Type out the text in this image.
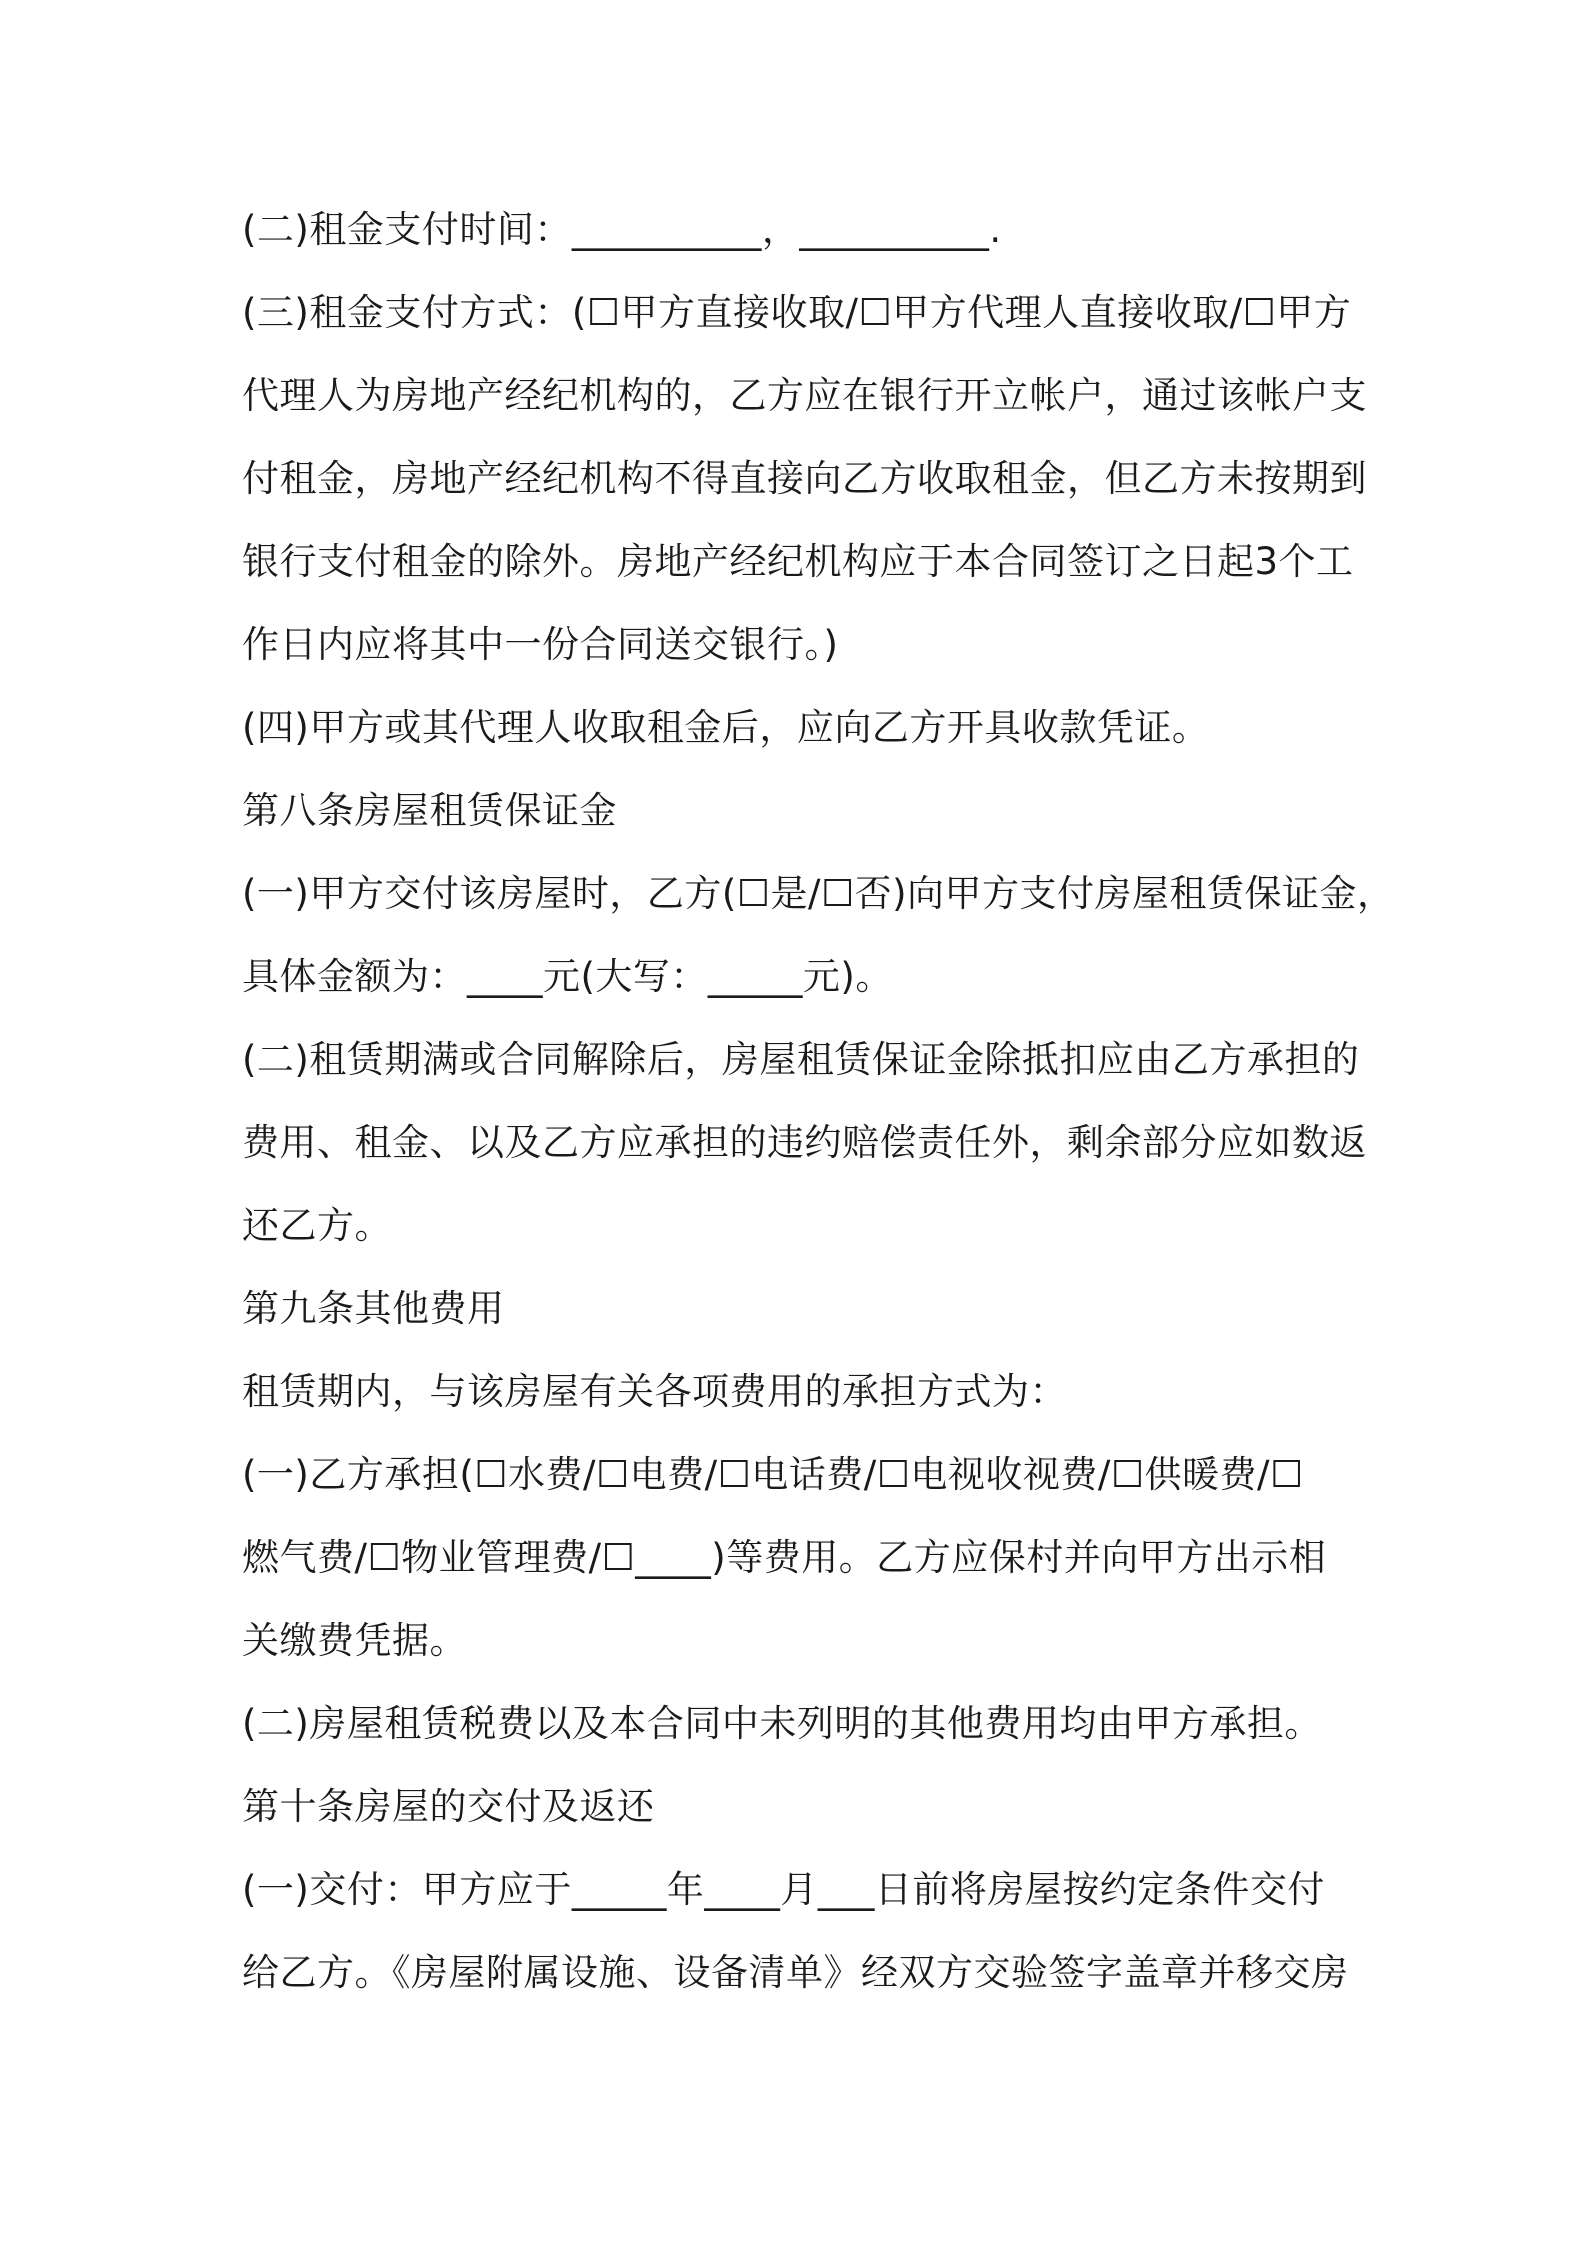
(二)租金支付时间：__________，__________.
(三)租金支付方式：(☐甲方直接收取/☐甲方代理人直接收取/☐甲方
代理人为房地产经纪机构的，乙方应在银行开立帐户，通过该帐户支
付租金，房地产经纪机构不得直接向乙方收取租金，但乙方未按期到
银行支付租金的除外。房地产经纪机构应于本合同签订之日起3个工
作日内应将其中一份合同送交银行。)
(四)甲方或其代理人收取租金后，应向乙方开具收款凭证。
第八条房屋租赁保证金
(一)甲方交付该房屋时，乙方(☐是/☐否)向甲方支付房屋租赁保证金，
具体金额为：____元(大写：_____元)。
(二)租赁期满或合同解除后，房屋租赁保证金除抵扣应由乙方承担的
费用、租金、以及乙方应承担的违约赔偿责任外，剩余部分应如数返
还乙方。
第九条其他费用
租赁期内，与该房屋有关各项费用的承担方式为：
(一)乙方承担(☐水费/☐电费/☐电话费/☐电视收视费/☐供暖费/☐
燃气费/☐物业管理费/☐____)等费用。乙方应保村并向甲方出示相
关缴费凭据。
(二)房屋租赁税费以及本合同中未列明的其他费用均由甲方承担。
第十条房屋的交付及返还
(一)交付：甲方应于_____年____月___日前将房屋按约定条件交付
给乙方。《房屋附属设施、设备清单》经双方交验签字盖章并移交房
